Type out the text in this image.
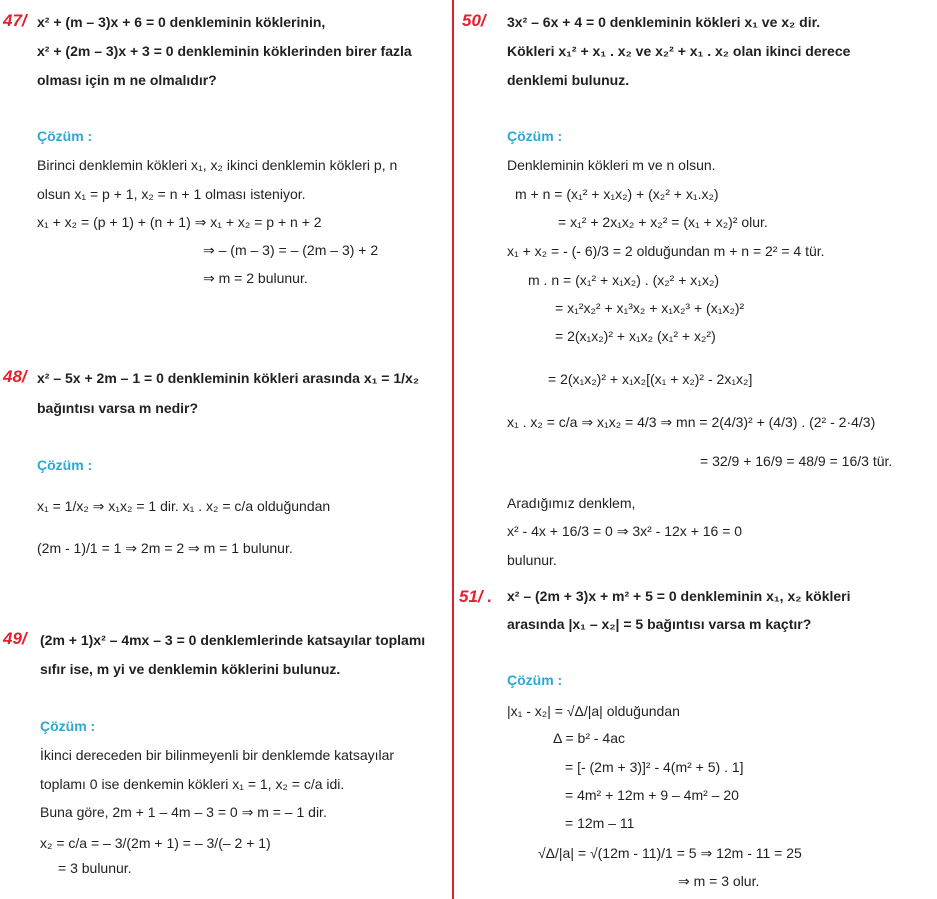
47/ x² + (m – 3)x + 6 = 0 denkleminin köklerinin,
x² + (2m – 3)x + 3 = 0 denkleminin köklerinden birer fazla
olması için m ne olmalıdır?
Çözüm :
Birinci denklemin kökleri x₁, x₂ ikinci denklemin kökleri p, n
olsun x₁ = p + 1, x₂ = n + 1 olması isteniyor.
x₁ + x₂ = (p + 1) + (n + 1) ⇒ x₁ + x₂ = p + n + 2
⇒ – (m – 3) = – (2m – 3) + 2
⇒ m = 2 bulunur.
48/ x² – 5x + 2m – 1 = 0 denkleminin kökleri arasında x₁ = 1/x₂
bağıntısı varsa m nedir?
Çözüm :
x₁ = 1/x₂ ⇒ x₁x₂ = 1 dir. x₁ . x₂ = c/a olduğundan
(2m - 1)/1 = 1 ⇒ 2m = 2 ⇒ m = 1 bulunur.
49/ (2m + 1)x² – 4mx – 3 = 0 denklemlerinde katsayılar toplamı
sıfır ise, m yi ve denklemin köklerini bulunuz.
Çözüm :
İkinci dereceden bir bilinmeyenli bir denklemde katsayılar
toplamı 0 ise denkemin kökleri x₁ = 1, x₂ = c/a idi.
Buna göre, 2m + 1 – 4m – 3 = 0 ⇒ m = – 1 dir.
x₂ = c/a = – 3/(2m + 1) = – 3/(– 2 + 1)
= 3 bulunur.
50/ 3x² – 6x + 4 = 0 denkleminin kökleri x₁ ve x₂ dir.
Kökleri x₁² + x₁ . x₂ ve x₂² + x₁ . x₂ olan ikinci derece
denklemi bulunuz.
Çözüm :
Denkleminin kökleri m ve n olsun.
m + n = (x₁² + x₁x₂) + (x₂² + x₁.x₂)
= x₁² + 2x₁x₂ + x₂² = (x₁ + x₂)² olur.
x₁ + x₂ = - (- 6)/3 = 2 olduğundan m + n = 2² = 4 tür.
m . n = (x₁² + x₁x₂) . (x₂² + x₁x₂)
= x₁²x₂² + x₁³x₂ + x₁x₂³ + (x₁x₂)²
= 2(x₁x₂)² + x₁x₂ (x₁² + x₂²)
= 2(x₁x₂)² + x₁x₂[(x₁ + x₂)² - 2x₁x₂]
x₁ . x₂ = c/a ⇒ x₁x₂ = 4/3 ⇒ mn = 2(4/3)² + (4/3) . (2² - 2·4/3)
= 32/9 + 16/9 = 48/9 = 16/3 tür.
Aradığımız denklem,
x² - 4x + 16/3 = 0 ⇒ 3x² - 12x + 16 = 0
bulunur.
51/ . x² – (2m + 3)x + m² + 5 = 0 denkleminin x₁, x₂ kökleri
arasında |x₁ – x₂| = 5 bağıntısı varsa m kaçtır?
Çözüm :
|x₁ - x₂| = √Δ/|a| olduğundan
Δ = b² - 4ac
= [- (2m + 3)]² - 4(m² + 5) . 1]
= 4m² + 12m + 9 – 4m² – 20
= 12m – 11
√Δ/|a| = √(12m - 11)/1 = 5 ⇒ 12m - 11 = 25
⇒ m = 3 olur.
